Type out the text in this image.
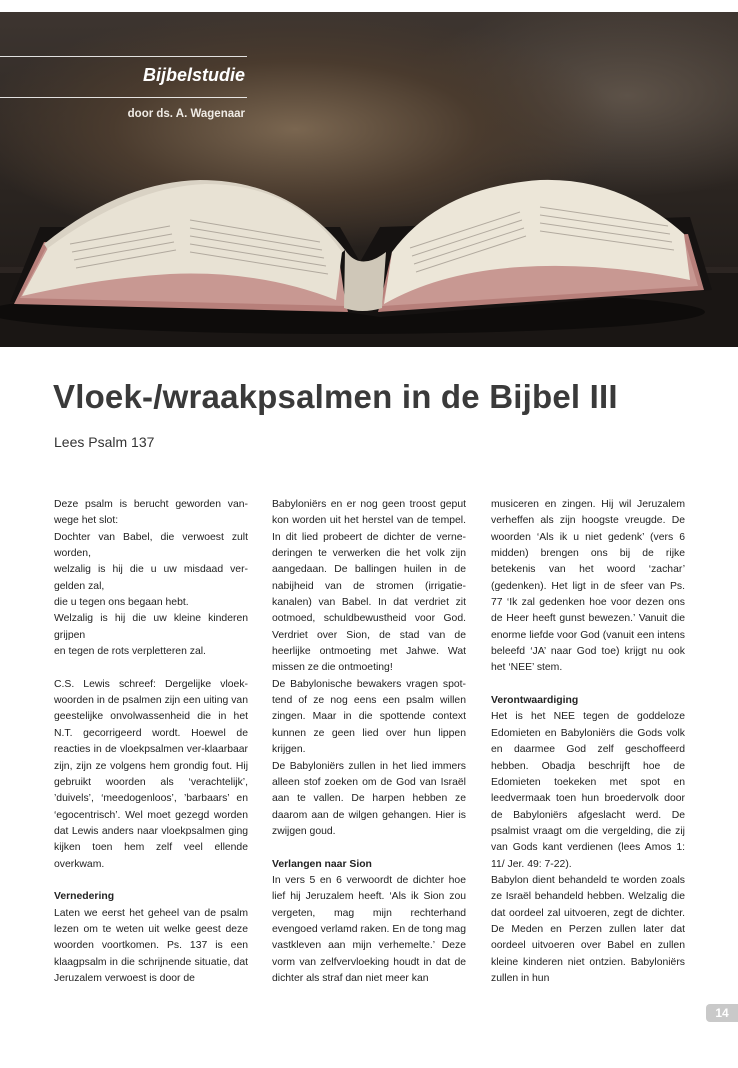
Bijbelstudie
door ds. A. Wagenaar
Vloek-/wraakpsalmen in de Bijbel III
Lees Psalm 137

Deze psalm is berucht geworden van-wege het slot:

Dochter van Babel, die verwoest zult worden,

welzalig is hij die u uw misdaad ver-gelden zal,

die u tegen ons begaan hebt.

Welzalig is hij die uw kleine kinderen grijpen

en tegen de rots verpletteren zal.

C.S. Lewis schreef: Dergelijke vloek-woorden in de psalmen zijn een uiting van geestelijke onvolwassenheid die in het N.T. gecorrigeerd wordt. Hoewel de reacties in de vloekpsalmen ver-klaarbaar zijn, zijn ze volgens hem grondig fout. Hij gebruikt woorden als ‘verachtelijk’, ’duivels’, ‘meedogenloos’, ’barbaars’ en ‘egocentrisch’. Wel moet gezegd worden dat Lewis anders naar vloekpsalmen ging kijken toen hem zelf veel ellende overkwam.

Vernedering

Laten we eerst het geheel van de psalm lezen om te weten uit welke geest deze woorden voortkomen. Ps. 137 is een klaagpsalm in die schrijnende situatie, dat Jeruzalem verwoest is door de

Babyloniërs en er nog geen troost geput kon worden uit het herstel van de tempel. In dit lied probeert de dichter de verne-deringen te verwerken die het volk zijn aangedaan. De ballingen huilen in de nabijheid van de stromen (irrigatie-kanalen) van Babel. In dat verdriet zit ootmoed, schuldbewustheid voor God. Verdriet over Sion, de stad van de heerlijke ontmoeting met Jahwe. Wat missen ze die ontmoeting!

De Babylonische bewakers vragen spot-tend of ze nog eens een psalm willen zingen. Maar in die spottende context kunnen ze geen lied over hun lippen krijgen.

De Babyloniërs zullen in het lied immers alleen stof zoeken om de God van Israël aan te vallen. De harpen hebben ze daarom aan de wilgen gehangen. Hier is zwijgen goud.

Verlangen naar Sion

In vers 5 en 6 verwoordt de dichter hoe lief hij Jeruzalem heeft. ‘Als ik Sion zou vergeten, mag mijn rechterhand evengoed verlamd raken. En de tong mag vastkleven aan mijn verhemelte.’ Deze vorm van zelfvervloeking houdt in dat de dichter als straf dan niet meer kan

musiceren en zingen. Hij wil Jeruzalem verheffen als zijn hoogste vreugde. De woorden ‘Als ik u niet gedenk’ (vers 6 midden) brengen ons bij de rijke betekenis van het woord ‘zachar’ (gedenken). Het ligt in de sfeer van Ps. 77 ‘Ik zal gedenken hoe voor dezen ons de Heer heeft gunst bewezen.’ Vanuit die enorme liefde voor God (vanuit een intens beleefd ‘JA’ naar God toe) krijgt nu ook het ‘NEE’ stem.

Verontwaardiging

Het is het NEE tegen de goddeloze Edomieten en Babyloniërs die Gods volk en daarmee God zelf geschoffeerd hebben. Obadja beschrijft hoe de Edomieten toekeken met spot en leedvermaak toen hun broedervolk door de Babyloniërs afgeslacht werd. De psalmist vraagt om die vergelding, die zij van Gods kant verdienen (lees Amos 1: 11/ Jer. 49: 7-22).

Babylon dient behandeld te worden zoals ze Israël behandeld hebben. Welzalig die dat oordeel zal uitvoeren, zegt de dichter. De Meden en Perzen zullen later dat oordeel uitvoeren over Babel en zullen kleine kinderen niet ontzien. Babyloniërs zullen in hun

14
